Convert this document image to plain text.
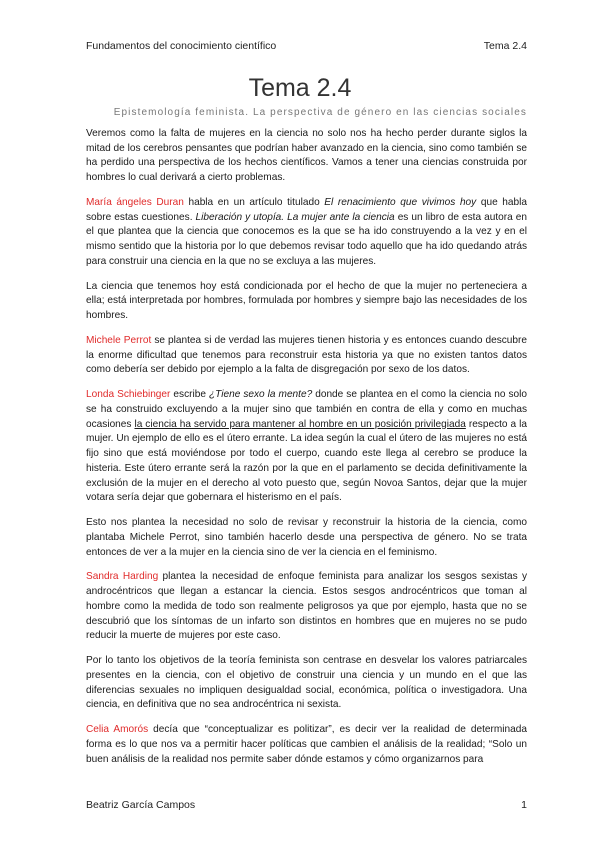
Fundamentos del conocimiento científico	Tema 2.4
Tema 2.4
Epistemología feminista. La perspectiva de género en las ciencias sociales

Veremos como la falta de mujeres en la ciencia no solo nos ha hecho perder durante siglos la mitad de los cerebros pensantes que podrían haber avanzado en la ciencia, sino como también se ha perdido una perspectiva de los hechos científicos. Vamos a tener una ciencias construida por hombres lo cual derivará a cierto problemas.

María ángeles Duran habla en un artículo titulado El renacimiento que vivimos hoy que habla sobre estas cuestiones. Liberación y utopía. La mujer ante la ciencia es un libro de esta autora en el que plantea que la ciencia que conocemos es la que se ha ido construyendo a la vez y en el mismo sentido que la historia por lo que debemos revisar todo aquello que ha ido quedando atrás para construir una ciencia en la que no se excluya a las mujeres.

La ciencia que tenemos hoy está condicionada por el hecho de que la mujer no perteneciera a ella; está interpretada por hombres, formulada por hombres y siempre bajo las necesidades de los hombres.

Michele Perrot se plantea si de verdad las mujeres tienen historia y es entonces cuando descubre la enorme dificultad que tenemos para reconstruir esta historia ya que no existen tantos datos como debería ser debido por ejemplo a la falta de disgregación por sexo de los datos.

Londa Schiebinger escribe ¿Tiene sexo la mente? donde se plantea en el como la ciencia no solo se ha construido excluyendo a la mujer sino que también en contra de ella y como en muchas ocasiones la ciencia ha servido para mantener al hombre en un posición privilegiada respecto a la mujer. Un ejemplo de ello es el útero errante. La idea según la cual el útero de las mujeres no está fijo sino que está moviéndose por todo el cuerpo, cuando este llega al cerebro se produce la histeria. Este útero errante será la razón por la que en el parlamento se decida definitivamente la exclusión de la mujer en el derecho al voto puesto que, según Novoa Santos, dejar que la mujer votara sería dejar que gobernara el histerismo en el país.

Esto nos plantea la necesidad no solo de revisar y reconstruir la historia de la ciencia, como plantaba Michele Perrot, sino también hacerlo desde una perspectiva de género. No se trata entonces de ver a la mujer en la ciencia sino de ver la ciencia en el feminismo.

Sandra Harding plantea la necesidad de enfoque feminista para analizar los sesgos sexistas y androcéntricos que llegan a estancar la ciencia. Estos sesgos androcéntricos que toman al hombre como la medida de todo son realmente peligrosos ya que por ejemplo, hasta que no se descubrió que los síntomas de un infarto son distintos en hombres que en mujeres no se pudo reducir la muerte de mujeres por este caso.

Por lo tanto los objetivos de la teoría feminista son centrase en desvelar los valores patriarcales presentes en la ciencia, con el objetivo de construir una ciencia y un mundo en el que las diferencias sexuales no impliquen desigualdad social, económica, política o investigadora. Una ciencia, en definitiva que no sea androcéntrica ni sexista.

Celia Amorós decía que “conceptualizar es politizar”, es decir ver la realidad de determinada forma es lo que nos va a permitir hacer políticas que cambien el análisis de la realidad; “Solo un buen análisis de la realidad nos permite saber dónde estamos y cómo organizarnos para

Beatriz García Campos	1
